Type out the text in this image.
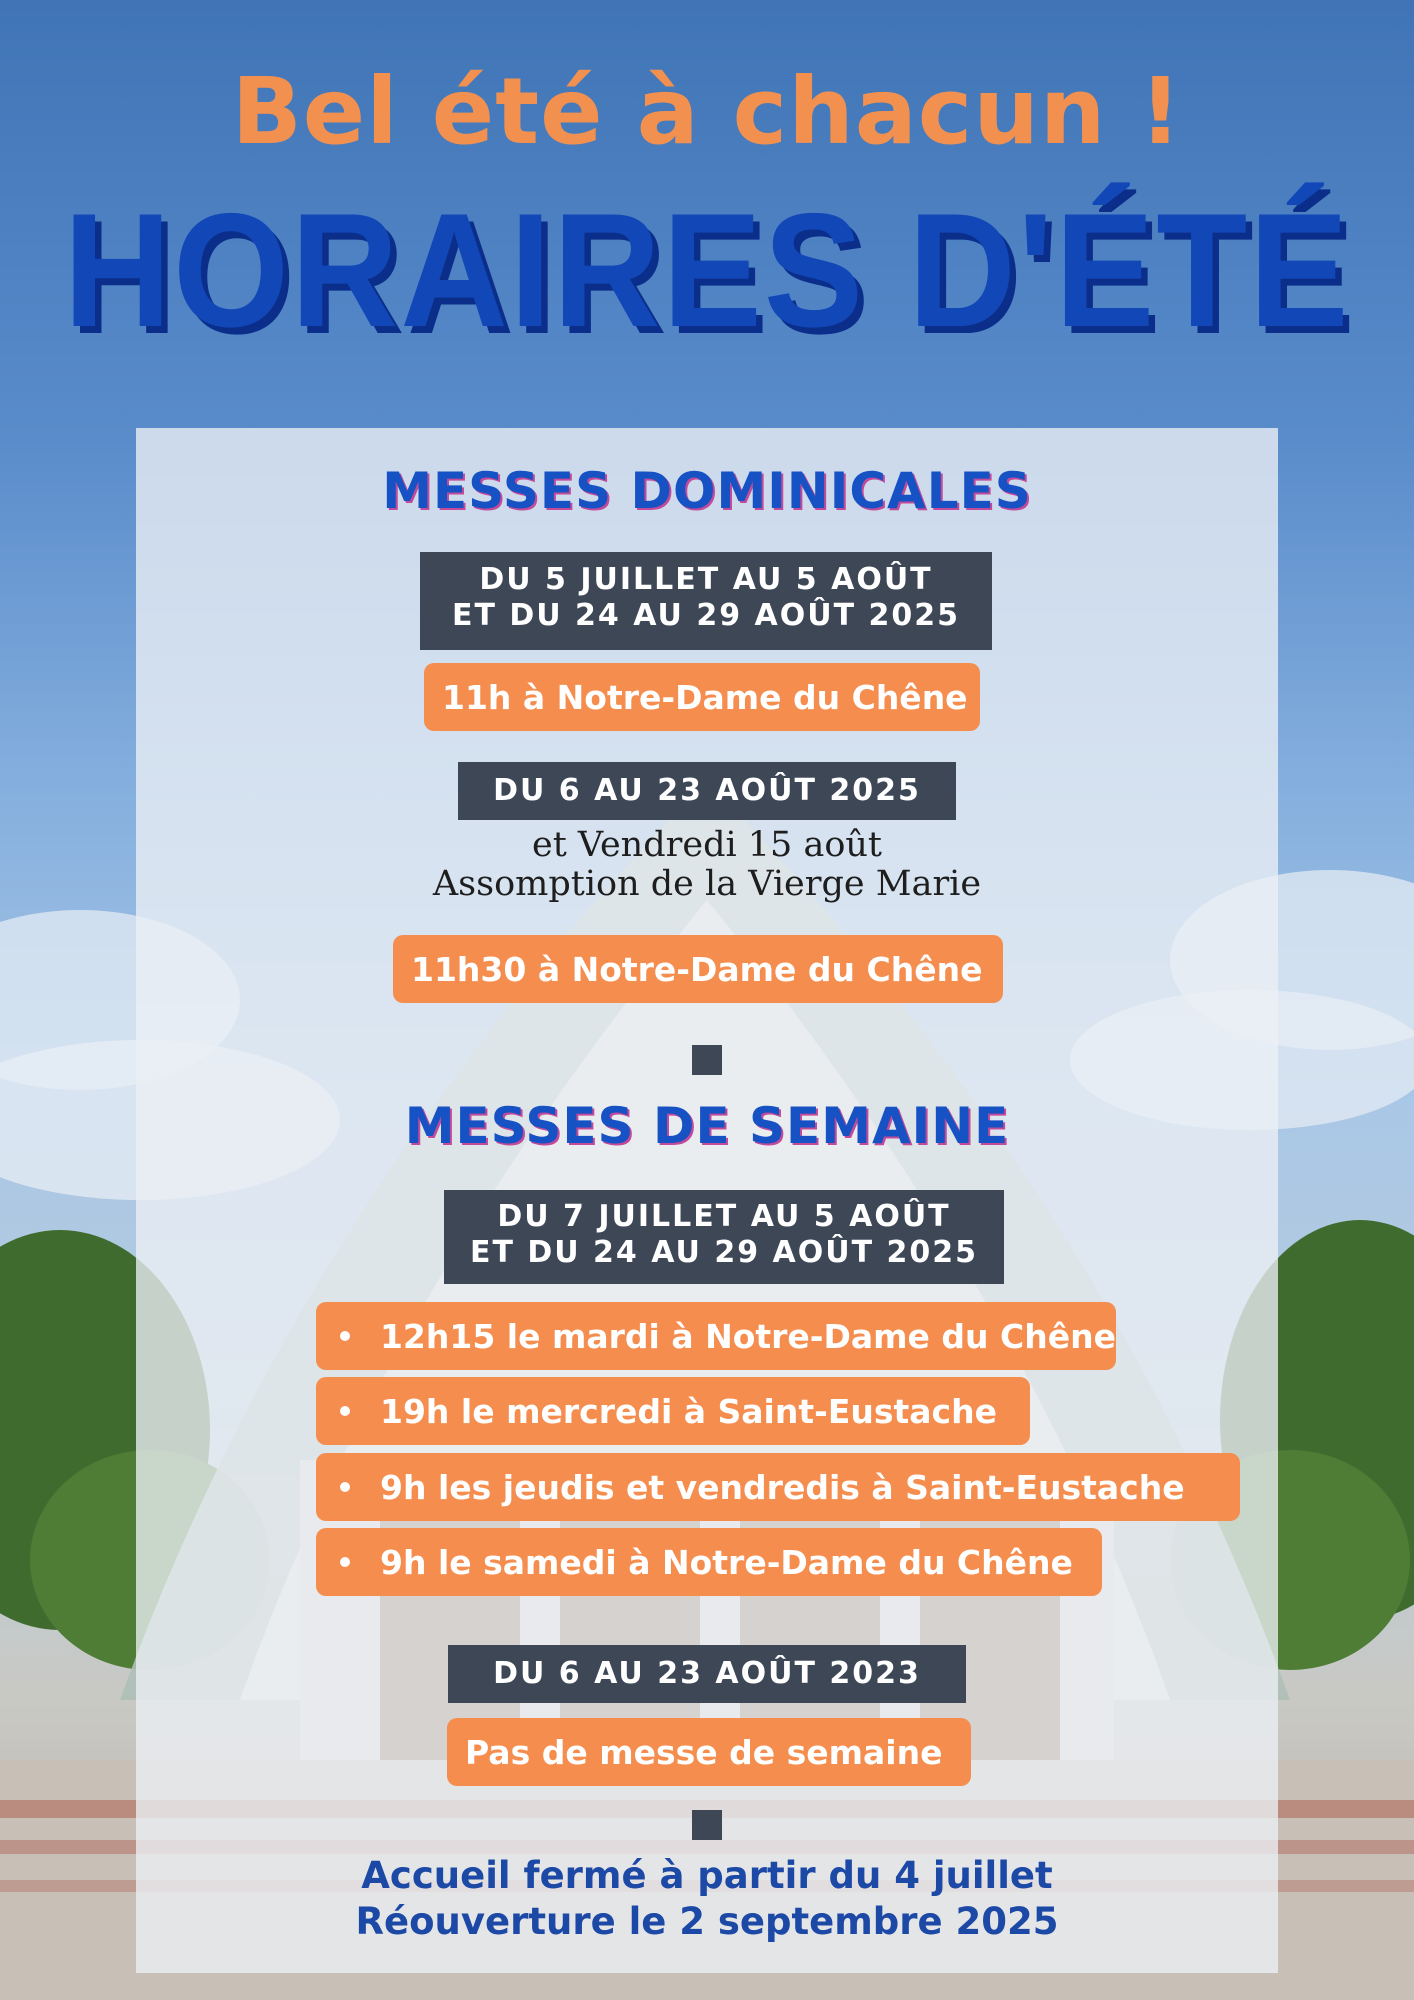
Bel été à chacun !
HORAIRES D'ÉTÉ
MESSES DOMINICALES
DU 5 JUILLET AU 5 AOÛT
ET DU 24 AU 29 AOÛT 2025
11h à Notre-Dame du Chêne
DU 6 AU 23 AOÛT 2025
et Vendredi 15 août
Assomption de la Vierge Marie
11h30 à Notre-Dame du Chêne
MESSES DE SEMAINE
DU 7 JUILLET AU 5 AOÛT
ET DU 24 AU 29 AOÛT 2025
12h15 le mardi à Notre-Dame du Chêne
19h le mercredi à Saint-Eustache
9h les jeudis et vendredis à Saint-Eustache
9h le samedi à Notre-Dame du Chêne
DU 6 AU 23 AOÛT 2023
Pas de messe de semaine
Accueil fermé à partir du 4 juillet
Réouverture le 2 septembre 2025
